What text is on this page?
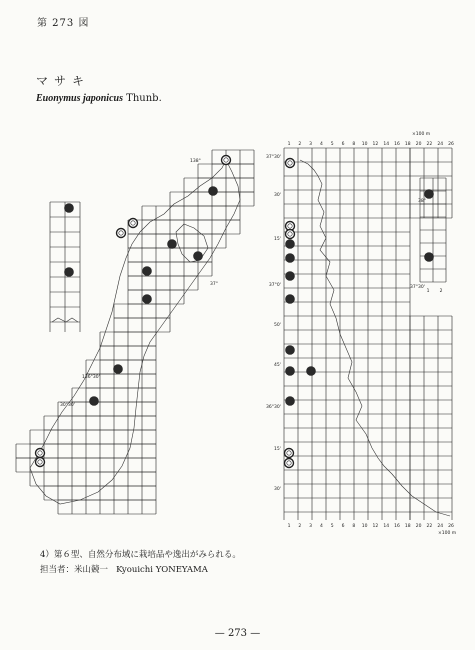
第 273 図
マサキ
Euonymus japonicus Thunb.
×100 m
×100 m
1 2 3 4 5 6 8 10 12 14 16 18 20 22 24 26
1 2 3 4 5 6 8 10 12 14 16 18 20 22 24 26
37°30'
30'
15'
37°0'
50'
45'
36°30'
15'
30'
138°
37°
136°30'
30°30'
38°
37°30'
1 2
4）第６型、自然分布域に栽培品や逸出がみられる。
担当者：米山競一 Kyouichi YONEYAMA
— 273 —
